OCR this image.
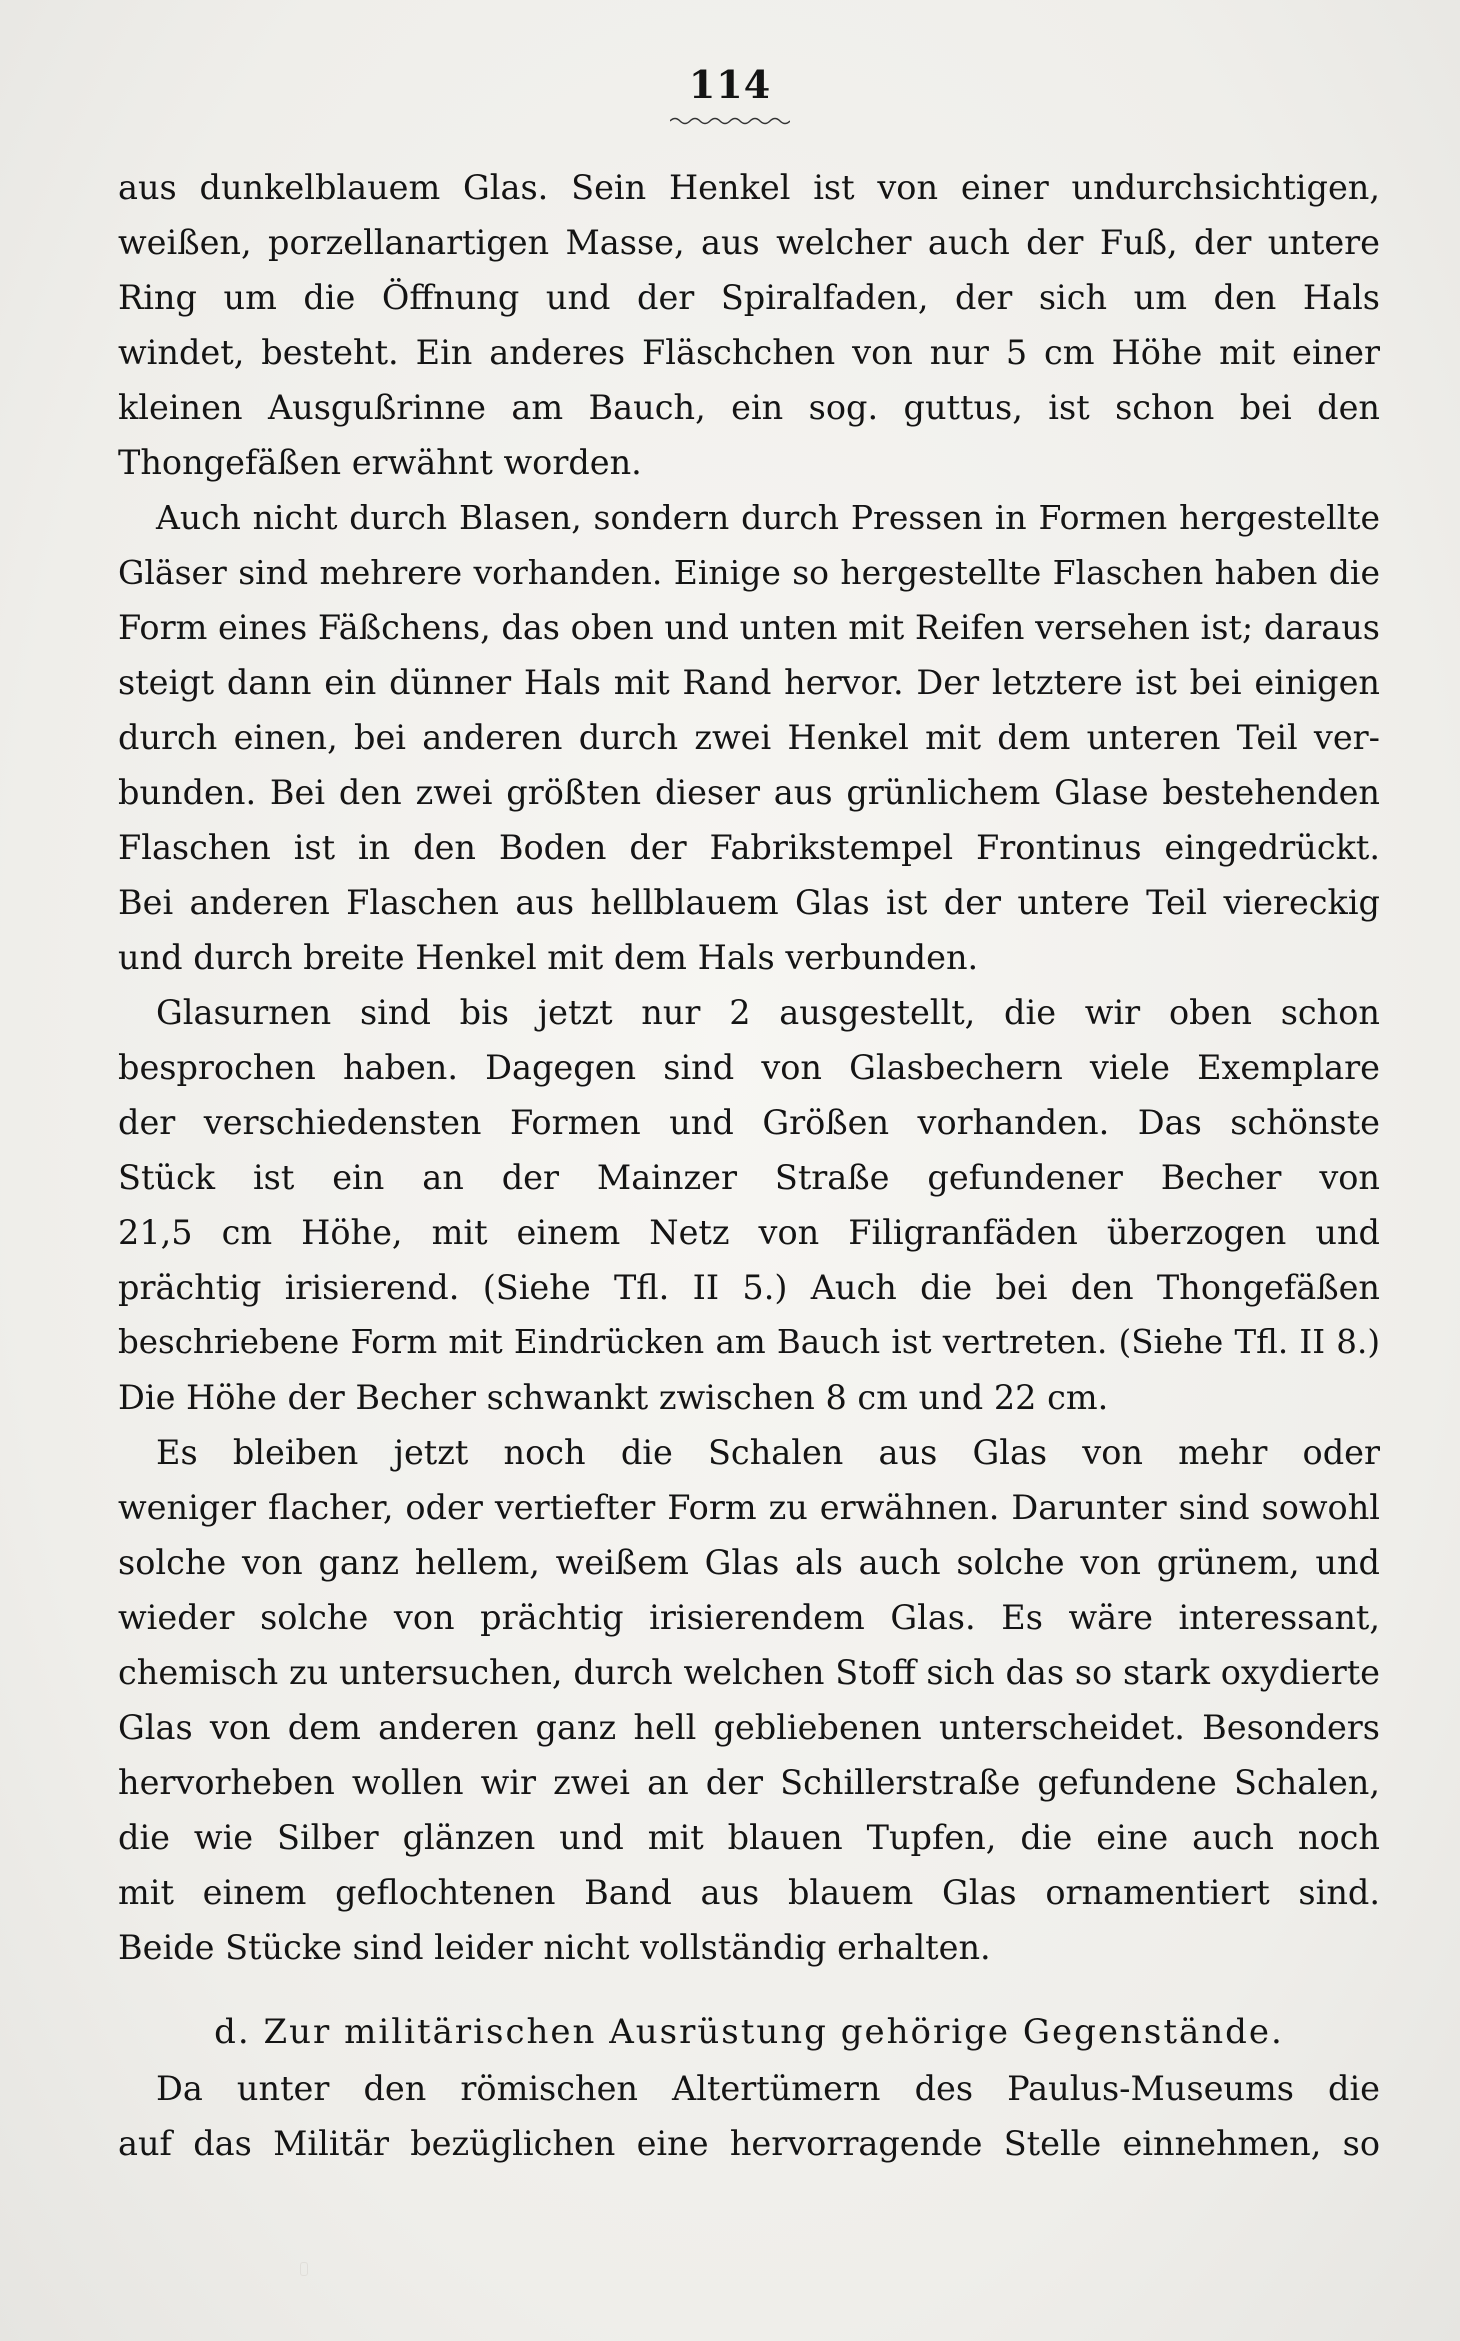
114
aus dunkelblauem Glas. Sein Henkel ist von einer undurchsichtigen,
weißen, porzellanartigen Masse, aus welcher auch der Fuß, der untere
Ring um die Öffnung und der Spiralfaden, der sich um den Hals
windet, besteht. Ein anderes Fläschchen von nur 5 cm Höhe mit einer
kleinen Ausgußrinne am Bauch, ein sog. guttus, ist schon bei den
Thongefäßen erwähnt worden.
Auch nicht durch Blasen, sondern durch Pressen in Formen hergestellte
Gläser sind mehrere vorhanden. Einige so hergestellte Flaschen haben die
Form eines Fäßchens, das oben und unten mit Reifen versehen ist; daraus
steigt dann ein dünner Hals mit Rand hervor. Der letztere ist bei einigen
durch einen, bei anderen durch zwei Henkel mit dem unteren Teil ver-
bunden. Bei den zwei größten dieser aus grünlichem Glase bestehenden
Flaschen ist in den Boden der Fabrikstempel Frontinus eingedrückt.
Bei anderen Flaschen aus hellblauem Glas ist der untere Teil viereckig
und durch breite Henkel mit dem Hals verbunden.
Glasurnen sind bis jetzt nur 2 ausgestellt, die wir oben schon
besprochen haben. Dagegen sind von Glasbechern viele Exemplare
der verschiedensten Formen und Größen vorhanden. Das schönste
Stück ist ein an der Mainzer Straße gefundener Becher von
21,5 cm Höhe, mit einem Netz von Filigranfäden überzogen und
prächtig irisierend. (Siehe Tfl. II 5.) Auch die bei den Thongefäßen
beschriebene Form mit Eindrücken am Bauch ist vertreten. (Siehe Tfl. II 8.)
Die Höhe der Becher schwankt zwischen 8 cm und 22 cm.
Es bleiben jetzt noch die Schalen aus Glas von mehr oder
weniger flacher, oder vertiefter Form zu erwähnen. Darunter sind sowohl
solche von ganz hellem, weißem Glas als auch solche von grünem, und
wieder solche von prächtig irisierendem Glas. Es wäre interessant,
chemisch zu untersuchen, durch welchen Stoff sich das so stark oxydierte
Glas von dem anderen ganz hell gebliebenen unterscheidet. Besonders
hervorheben wollen wir zwei an der Schillerstraße gefundene Schalen,
die wie Silber glänzen und mit blauen Tupfen, die eine auch noch
mit einem geflochtenen Band aus blauem Glas ornamentiert sind.
Beide Stücke sind leider nicht vollständig erhalten.
d. Zur militärischen Ausrüstung gehörige Gegenstände.
Da unter den römischen Altertümern des Paulus-Museums die
auf das Militär bezüglichen eine hervorragende Stelle einnehmen, so
